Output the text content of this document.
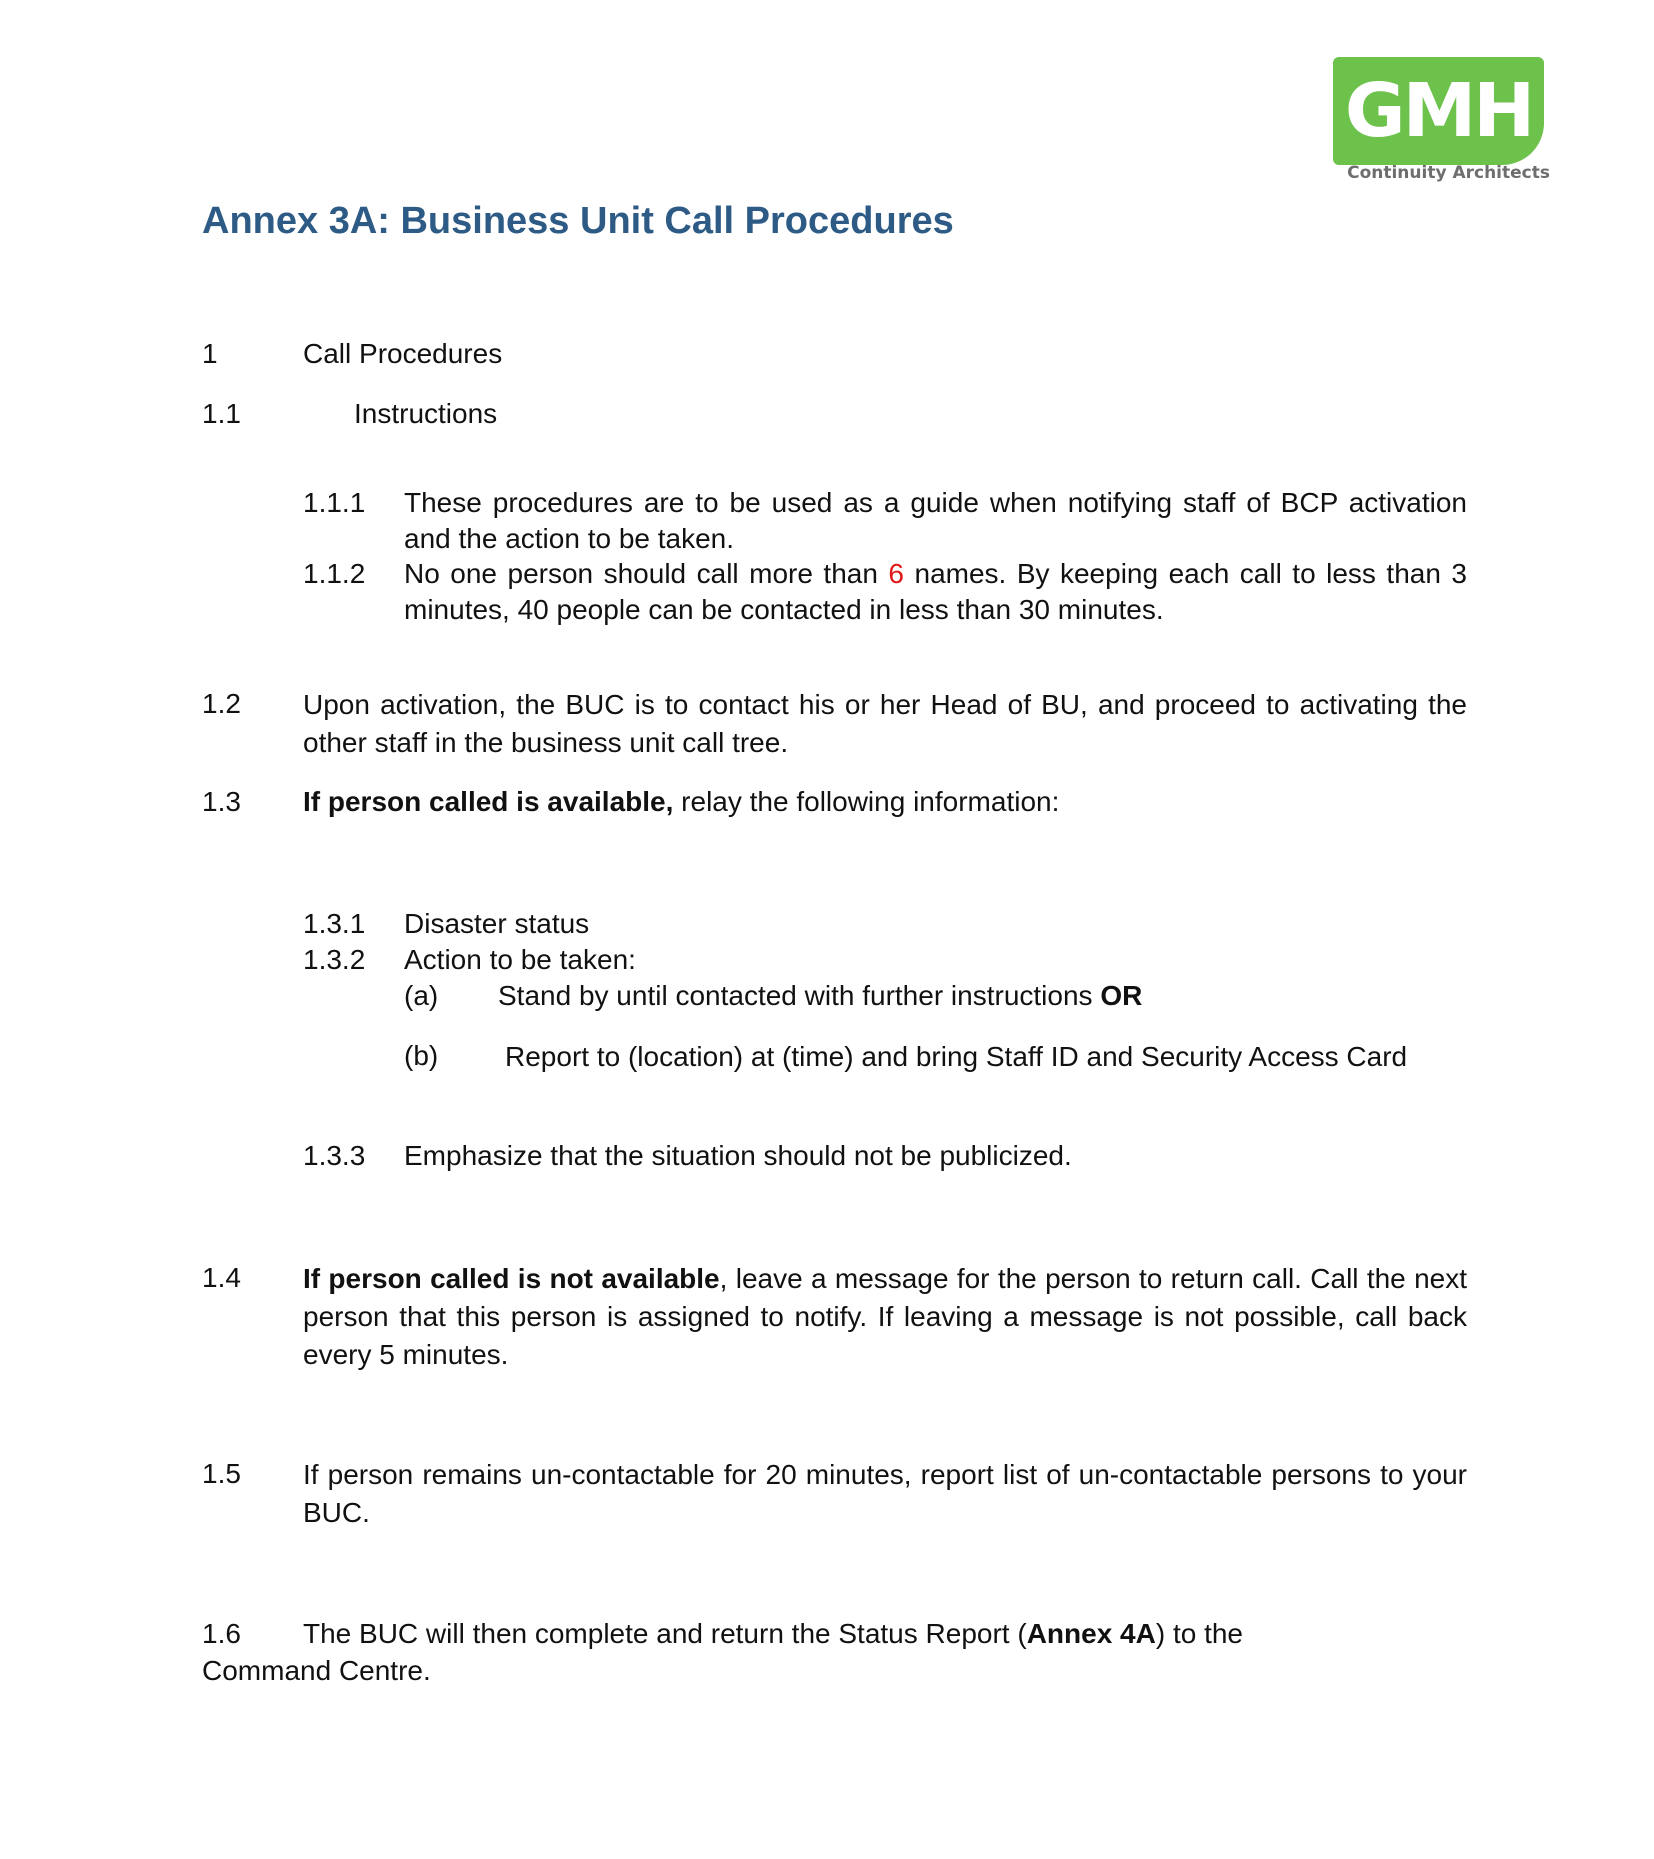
GMH
Continuity Architects
Annex 3A: Business Unit Call Procedures
1	Call Procedures
1.1	Instructions
1.1.1 These procedures are to be used as a guide when notifying staff of BCP activation and the action to be taken.
1.1.2 No one person should call more than 6 names. By keeping each call to less than 3 minutes, 40 people can be contacted in less than 30 minutes.
1.2 Upon activation, the BUC is to contact his or her Head of BU, and proceed to activating the other staff in the business unit call tree.
1.3 If person called is available, relay the following information:
1.3.1 Disaster status
1.3.2 Action to be taken:
(a) Stand by until contacted with further instructions OR
(b) Report to (location) at (time) and bring Staff ID and Security Access Card
1.3.3 Emphasize that the situation should not be publicized.
1.4 If person called is not available, leave a message for the person to return call. Call the next person that this person is assigned to notify. If leaving a message is not possible, call back every 5 minutes.
1.5 If person remains un-contactable for 20 minutes, report list of un-contactable persons to your BUC.
1.6 The BUC will then complete and return the Status Report (Annex 4A) to the
Command Centre.
